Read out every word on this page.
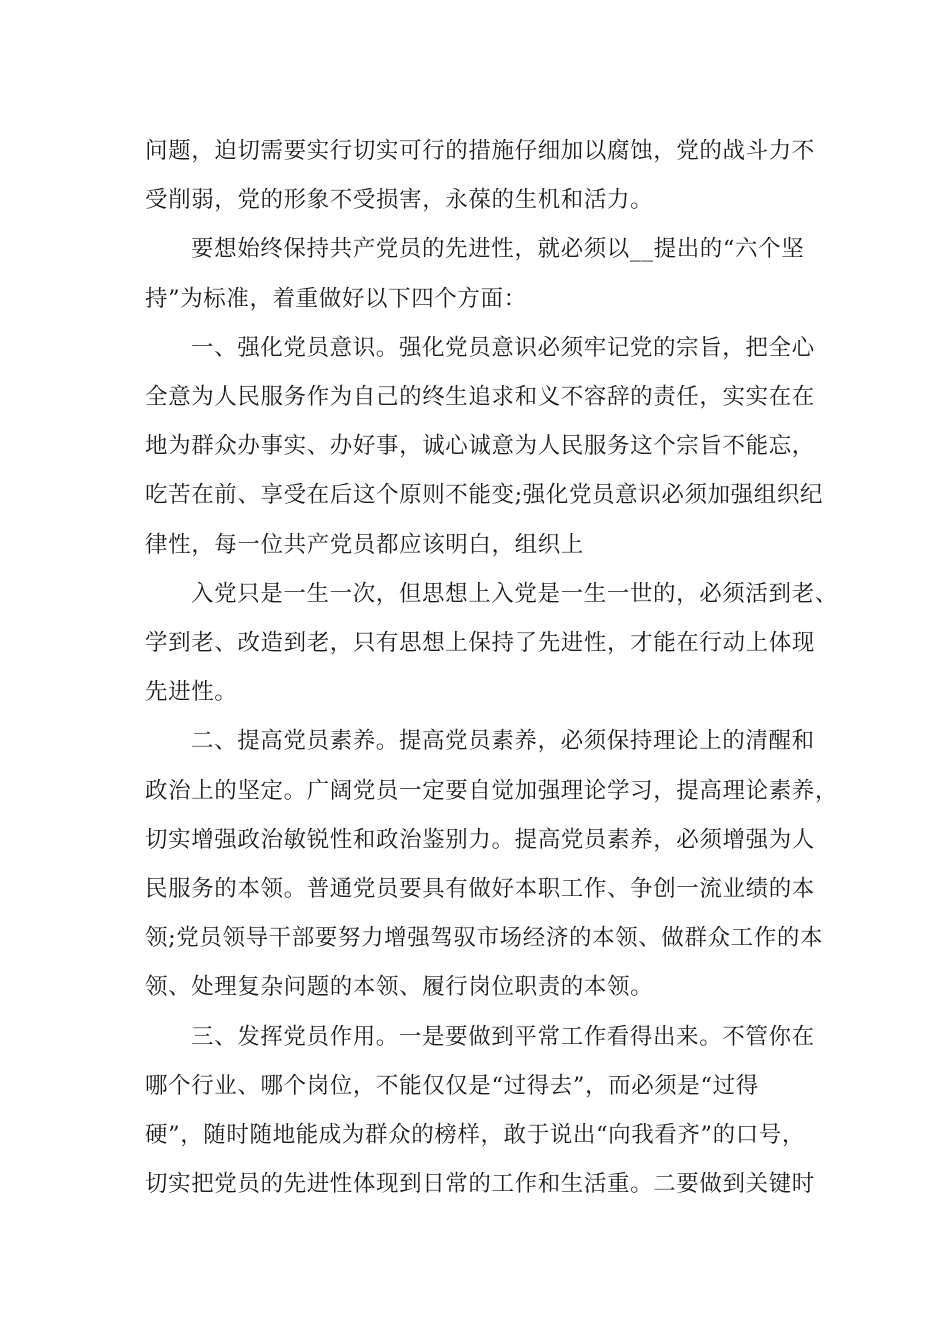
问题，迫切需要实行切实可行的措施仔细加以腐蚀，党的战斗力不
受削弱，党的形象不受损害，永葆的生机和活力。

要想始终保持共产党员的先进性，就必须以__提出的“六个坚
持”为标准，着重做好以下四个方面：

一、强化党员意识。强化党员意识必须牢记党的宗旨，把全心
全意为人民服务作为自己的终生追求和义不容辞的责任，实实在在
地为群众办事实、办好事，诚心诚意为人民服务这个宗旨不能忘，
吃苦在前、享受在后这个原则不能变;强化党员意识必须加强组织纪
律性，每一位共产党员都应该明白，组织上

入党只是一生一次，但思想上入党是一生一世的，必须活到老、
学到老、改造到老，只有思想上保持了先进性，才能在行动上体现
先进性。

二、提高党员素养。提高党员素养，必须保持理论上的清醒和
政治上的坚定。广阔党员一定要自觉加强理论学习，提高理论素养，
切实增强政治敏锐性和政治鉴别力。提高党员素养，必须增强为人
民服务的本领。普通党员要具有做好本职工作、争创一流业绩的本
领;党员领导干部要努力增强驾驭市场经济的本领、做群众工作的本
领、处理复杂问题的本领、履行岗位职责的本领。

三、发挥党员作用。一是要做到平常工作看得出来。不管你在
哪个行业、哪个岗位，不能仅仅是“过得去”，而必须是“过得
硬”，随时随地能成为群众的榜样，敢于说出“向我看齐”的口号，
切实把党员的先进性体现到日常的工作和生活重。二要做到关键时
